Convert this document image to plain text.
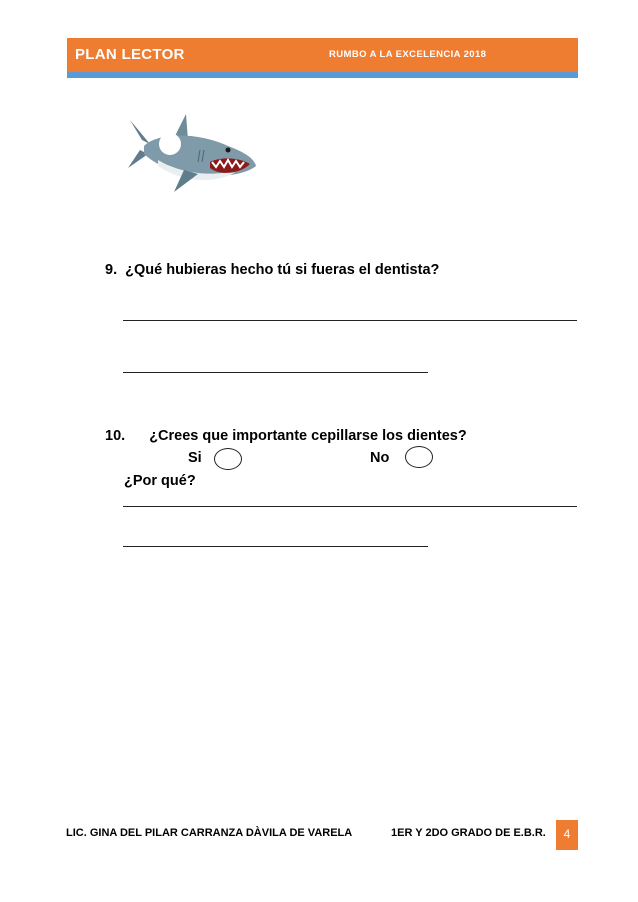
PLAN LECTOR	RUMBO A LA EXCELENCIA 2018
9. ¿Qué hubieras hecho tú si fueras el dentista?
10. ¿Crees que importante cepillarse los dientes?
Si	No
¿Por qué?
LIC. GINA DEL PILAR CARRANZA DÀVILA DE VARELA	1ER Y 2DO GRADO DE E.B.R.	4
